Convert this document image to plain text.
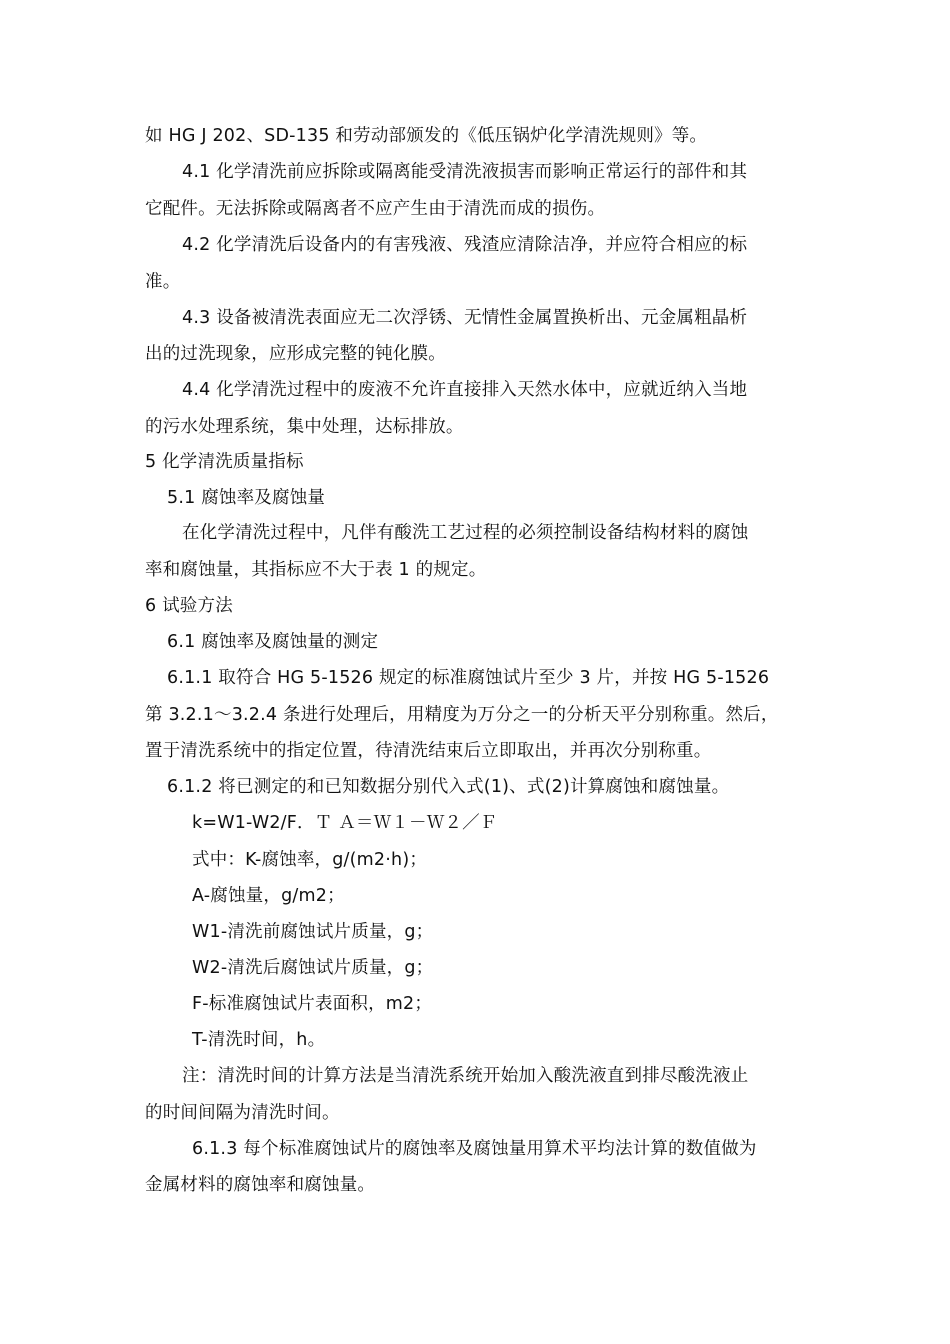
如 HG J 202、SD-135 和劳动部颁发的《低压锅炉化学清洗规则》等。
4.1 化学清洗前应拆除或隔离能受清洗液损害而影响正常运行的部件和其
它配件。无法拆除或隔离者不应产生由于清洗而成的损伤。
4.2 化学清洗后设备内的有害残液、残渣应清除洁净，并应符合相应的标
准。
4.3 设备被清洗表面应无二次浮锈、无情性金属置换析出、元金属粗晶析
出的过洗现象，应形成完整的钝化膜。
4.4 化学清洗过程中的废液不允许直接排入天然水体中，应就近纳入当地
的污水处理系统，集中处理，达标排放。
5 化学清洗质量指标
5.1 腐蚀率及腐蚀量
在化学清洗过程中，凡伴有酸洗工艺过程的必须控制设备结构材料的腐蚀
率和腐蚀量，其指标应不大于表 1 的规定。
6 试验方法
6.1 腐蚀率及腐蚀量的测定
6.1.1 取符合 HG 5-1526 规定的标准腐蚀试片至少 3 片，并按 HG 5-1526
第 3.2.1～3.2.4 条进行处理后，用精度为万分之一的分析天平分别称重。然后，
置于清洗系统中的指定位置，待清洗结束后立即取出，并再次分别称重。
6.1.2 将已测定的和已知数据分别代入式(1)、式(2)计算腐蚀和腐蚀量。
k=W1-W2/F．Ｔ Ａ＝Ｗ１－Ｗ２／Ｆ
式中：K-腐蚀率，g/(m2·h)；
A-腐蚀量，g/m2；
W1-清洗前腐蚀试片质量，g；
W2-清洗后腐蚀试片质量，g；
F-标准腐蚀试片表面积，m2；
T-清洗时间，h。
注：清洗时间的计算方法是当清洗系统开始加入酸洗液直到排尽酸洗液止
的时间间隔为清洗时间。
6.1.3 每个标准腐蚀试片的腐蚀率及腐蚀量用算术平均法计算的数值做为
金属材料的腐蚀率和腐蚀量。
